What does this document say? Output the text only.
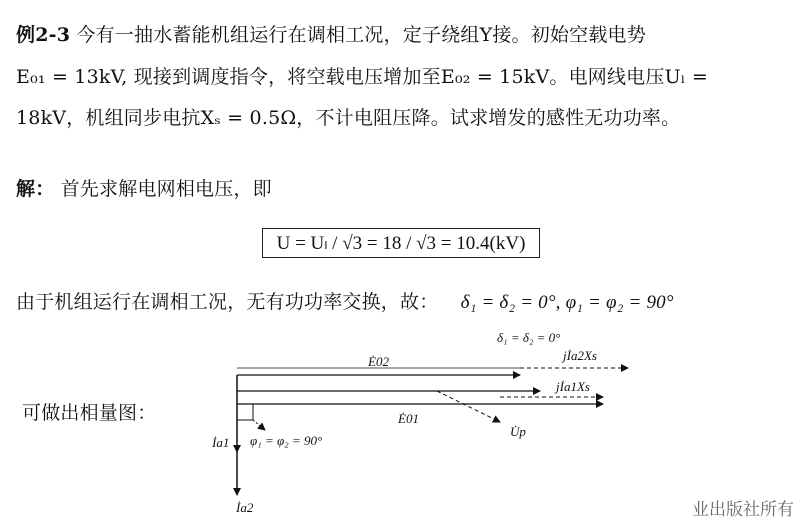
例2-3 今有一抽水蓄能机组运行在调相工况，定子绕组Y接。初始空载电势
E₀₁ = 13kV, 现接到调度指令，将空载电压增加至E₀₂ = 15kV。电网线电压Uₗ =
18kV，机组同步电抗Xₛ = 0.5Ω，不计电阻压降。试求增发的感性无功功率。
解： 首先求解电网相电压，即
U = Uₗ / √3 = 18 / √3 = 10.4(kV)
由于机组运行在调相工况，无有功功率交换，故： δ₁ = δ₂ = 0°, φ₁ = φ₂ = 90°
可做出相量图：
δ₁ = δ₂ = 0°
jİa2Xs
Ė02
jİa1Xs
Ė01
U̇p
φ₁ = φ₂ = 90°
İa1
İa2	业出版社所有
